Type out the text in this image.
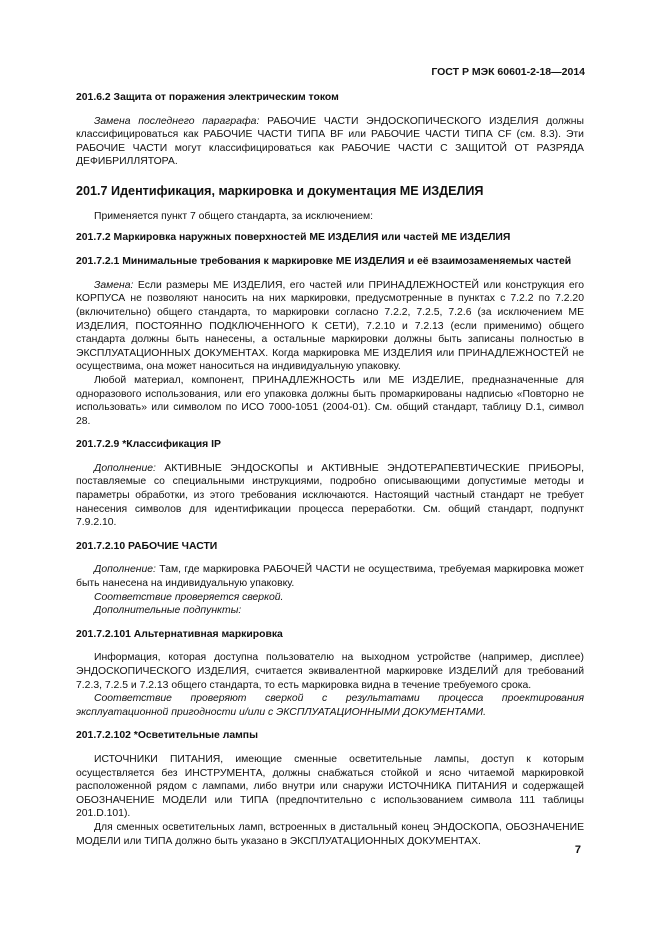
ГОСТ Р МЭК 60601-2-18—2014

201.6.2 Защита от поражения электрическим током

Замена последнего параграфа: РАБОЧИЕ ЧАСТИ ЭНДОСКОПИЧЕСКОГО ИЗДЕЛИЯ должны классифицироваться как РАБОЧИЕ ЧАСТИ ТИПА BF или РАБОЧИЕ ЧАСТИ ТИПА CF (см. 8.3). Эти РАБОЧИЕ ЧАСТИ могут классифицироваться как РАБОЧИЕ ЧАСТИ С ЗАЩИТОЙ ОТ РАЗРЯДА ДЕФИБРИЛЛЯТОРА.

201.7 Идентификация, маркировка и документация МЕ ИЗДЕЛИЯ

Применяется пункт 7 общего стандарта, за исключением:

201.7.2 Маркировка наружных поверхностей МЕ ИЗДЕЛИЯ или частей МЕ ИЗДЕЛИЯ

201.7.2.1 Минимальные требования к маркировке МЕ ИЗДЕЛИЯ и её взаимозаменяемых частей

Замена: Если размеры МЕ ИЗДЕЛИЯ, его частей или ПРИНАДЛЕЖНОСТЕЙ или конструкция его КОРПУСА не позволяют наносить на них маркировки, предусмотренные в пунктах с 7.2.2 по 7.2.20 (включительно) общего стандарта, то маркировки согласно 7.2.2, 7.2.5, 7.2.6 (за исключением МЕ ИЗДЕЛИЯ, ПОСТОЯННО ПОДКЛЮЧЕННОГО К СЕТИ), 7.2.10 и 7.2.13 (если применимо) общего стандарта должны быть нанесены, а остальные маркировки должны быть записаны полностью в ЭКСПЛУАТАЦИОННЫХ ДОКУМЕНТАХ. Когда маркировка МЕ ИЗДЕЛИЯ или ПРИНАДЛЕЖНОСТЕЙ не осуществима, она может наноситься на индивидуальную упаковку.

Любой материал, компонент, ПРИНАДЛЕЖНОСТЬ или МЕ ИЗДЕЛИЕ, предназначенные для одноразового использования, или его упаковка должны быть промаркированы надписью «Повторно не использовать» или символом по ИСО 7000-1051 (2004-01). См. общий стандарт, таблицу D.1, символ 28.

201.7.2.9 *Классификация IP

Дополнение: АКТИВНЫЕ ЭНДОСКОПЫ и АКТИВНЫЕ ЭНДОТЕРАПЕВТИЧЕСКИЕ ПРИБОРЫ, поставляемые со специальными инструкциями, подробно описывающими допустимые методы и параметры обработки, из этого требования исключаются. Настоящий частный стандарт не требует нанесения символов для идентификации процесса переработки. См. общий стандарт, подпункт 7.9.2.10.

201.7.2.10 РАБОЧИЕ ЧАСТИ

Дополнение: Там, где маркировка РАБОЧЕЙ ЧАСТИ не осуществима, требуемая маркировка может быть нанесена на индивидуальную упаковку.

Соответствие проверяется сверкой.

Дополнительные подпункты:

201.7.2.101 Альтернативная маркировка

Информация, которая доступна пользователю на выходном устройстве (например, дисплее) ЭНДОСКОПИЧЕСКОГО ИЗДЕЛИЯ, считается эквивалентной маркировке ИЗДЕЛИЙ для требований 7.2.3, 7.2.5 и 7.2.13 общего стандарта, то есть маркировка видна в течение требуемого срока.

Соответствие проверяют сверкой с результатами процесса проектирования эксплуатационной пригодности и/или с ЭКСПЛУАТАЦИОННЫМИ ДОКУМЕНТАМИ.

201.7.2.102 *Осветительные лампы

ИСТОЧНИКИ ПИТАНИЯ, имеющие сменные осветительные лампы, доступ к которым осуществляется без ИНСТРУМЕНТА, должны снабжаться стойкой и ясно читаемой маркировкой расположенной рядом с лампами, либо внутри или снаружи ИСТОЧНИКА ПИТАНИЯ и содержащей ОБОЗНАЧЕНИЕ МОДЕЛИ или ТИПА (предпочтительно с использованием символа 111 таблицы 201.D.101).

Для сменных осветительных ламп, встроенных в дистальный конец ЭНДОСКОПА, ОБОЗНАЧЕНИЕ МОДЕЛИ или ТИПА должно быть указано в ЭКСПЛУАТАЦИОННЫХ ДОКУМЕНТАХ.

7
